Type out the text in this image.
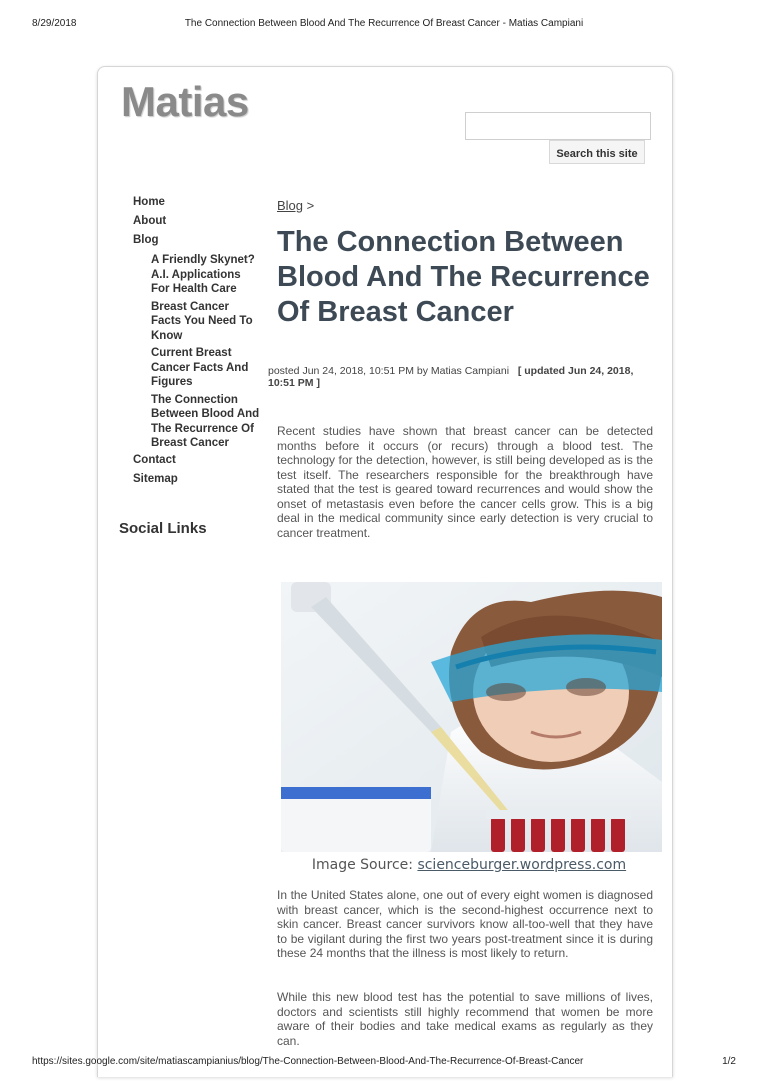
8/29/2018	The Connection Between Blood And The Recurrence Of Breast Cancer - Matias Campiani
Matias
Search this site
Home
About
Blog
A Friendly Skynet? A.I. Applications For Health Care
Breast Cancer Facts You Need To Know
Current Breast Cancer Facts And Figures
The Connection Between Blood And The Recurrence Of Breast Cancer
Contact
Sitemap
Social Links
Blog >
The Connection Between Blood And The Recurrence Of Breast Cancer
posted Jun 24, 2018, 10:51 PM by Matias Campiani [ updated Jun 24, 2018, 10:51 PM ]

Recent studies have shown that breast cancer can be detected months before it occurs (or recurs) through a blood test. The technology for the detection, however, is still being developed as is the test itself. The researchers responsible for the breakthrough have stated that the test is geared toward recurrences and would show the onset of metastasis even before the cancer cells grow. This is a big deal in the medical community since early detection is very crucial to cancer treatment.

Image Source: scienceburger.wordpress.com

In the United States alone, one out of every eight women is diagnosed with breast cancer, which is the second-highest occurrence next to skin cancer. Breast cancer survivors know all-too-well that they have to be vigilant during the first two years post-treatment since it is during these 24 months that the illness is most likely to return.

While this new blood test has the potential to save millions of lives, doctors and scientists still highly recommend that women be more aware of their bodies and take medical exams as regularly as they can.

https://sites.google.com/site/matiascampianius/blog/The-Connection-Between-Blood-And-The-Recurrence-Of-Breast-Cancer	1/2
